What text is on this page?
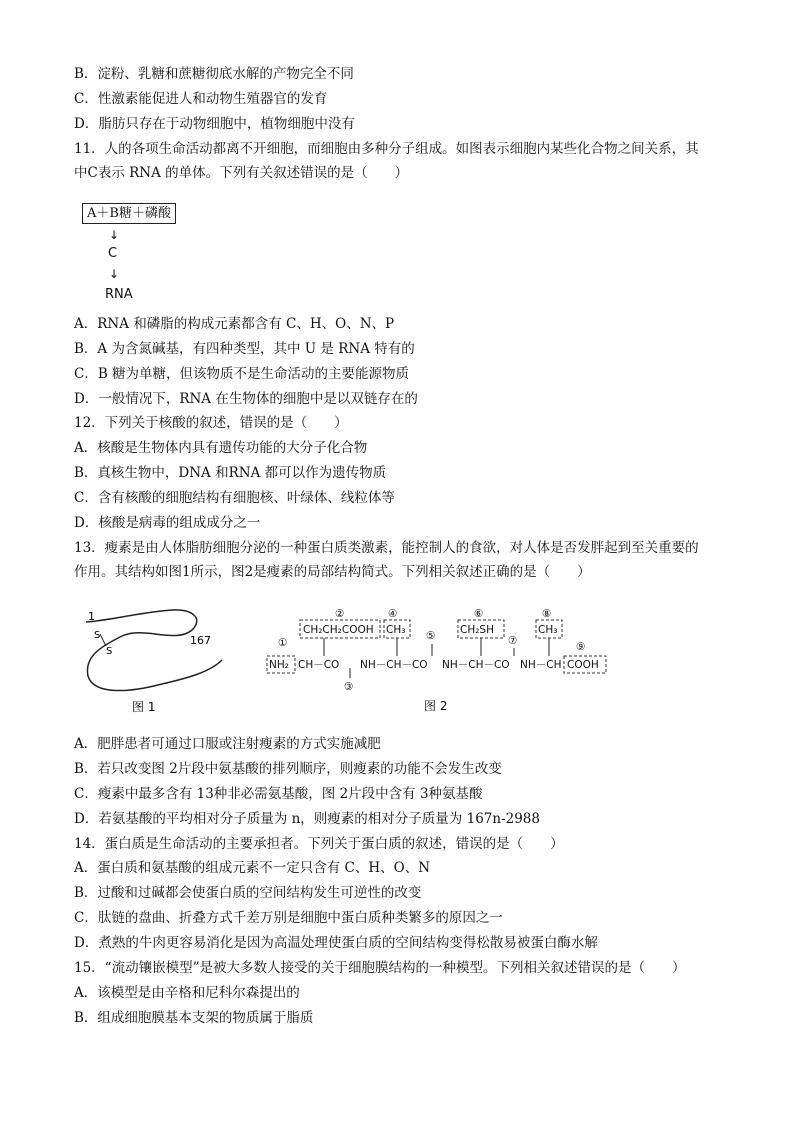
B．淀粉、乳糖和蔗糖彻底水解的产物完全不同
C．性激素能促进人和动物生殖器官的发育
D．脂肪只存在于动物细胞中，植物细胞中没有
11．人的各项生命活动都离不开细胞，而细胞由多种分子组成。如图表示细胞内某些化合物之间关系，其
中C表示 RNA 的单体。下列有关叙述错误的是（　　）
A＋B糖＋磷酸
↓
C
↓
RNA
A．RNA 和磷脂的构成元素都含有 C、H、O、N、P
B．A 为含氮碱基，有四种类型，其中 U 是 RNA 特有的
C．B 糖为单糖，但该物质不是生命活动的主要能源物质
D．一般情况下，RNA 在生物体的细胞中是以双链存在的
12．下列关于核酸的叙述，错误的是（　　）
A．核酸是生物体内具有遗传功能的大分子化合物
B．真核生物中，DNA 和RNA 都可以作为遗传物质
C．含有核酸的细胞结构有细胞核、叶绿体、线粒体等
D．核酸是病毒的组成成分之一
13．瘦素是由人体脂肪细胞分泌的一种蛋白质类激素，能控制人的食欲，对人体是否发胖起到至关重要的
作用。其结构如图1所示，图2是瘦素的局部结构简式。下列相关叙述正确的是（　　）
1
S
S
167
图 1
CH₂CH₂COOH CH₃	CH₂SH	CH₃
②	④	⑥	⑧
①
⑤	⑦	⑨
③
NH₂ CH－CO NH－CH－CO NH－CH－CO NH－CH COOH
图 2
A．肥胖患者可通过口服或注射瘦素的方式实施减肥
B．若只改变图 2片段中氨基酸的排列顺序，则瘦素的功能不会发生改变
C．瘦素中最多含有 13种非必需氨基酸，图 2片段中含有 3种氨基酸
D．若氨基酸的平均相对分子质量为 n，则瘦素的相对分子质量为 167n-2988
14．蛋白质是生命活动的主要承担者。下列关于蛋白质的叙述，错误的是（　　）
A．蛋白质和氨基酸的组成元素不一定只含有 C、H、O、N
B．过酸和过碱都会使蛋白质的空间结构发生可逆性的改变
C．肽链的盘曲、折叠方式千差万别是细胞中蛋白质种类繁多的原因之一
D．煮熟的牛肉更容易消化是因为高温处理使蛋白质的空间结构变得松散易被蛋白酶水解
15．“流动镶嵌模型”是被大多数人接受的关于细胞膜结构的一种模型。下列相关叙述错误的是（　　）
A．该模型是由辛格和尼科尔森提出的
B．组成细胞膜基本支架的物质属于脂质
